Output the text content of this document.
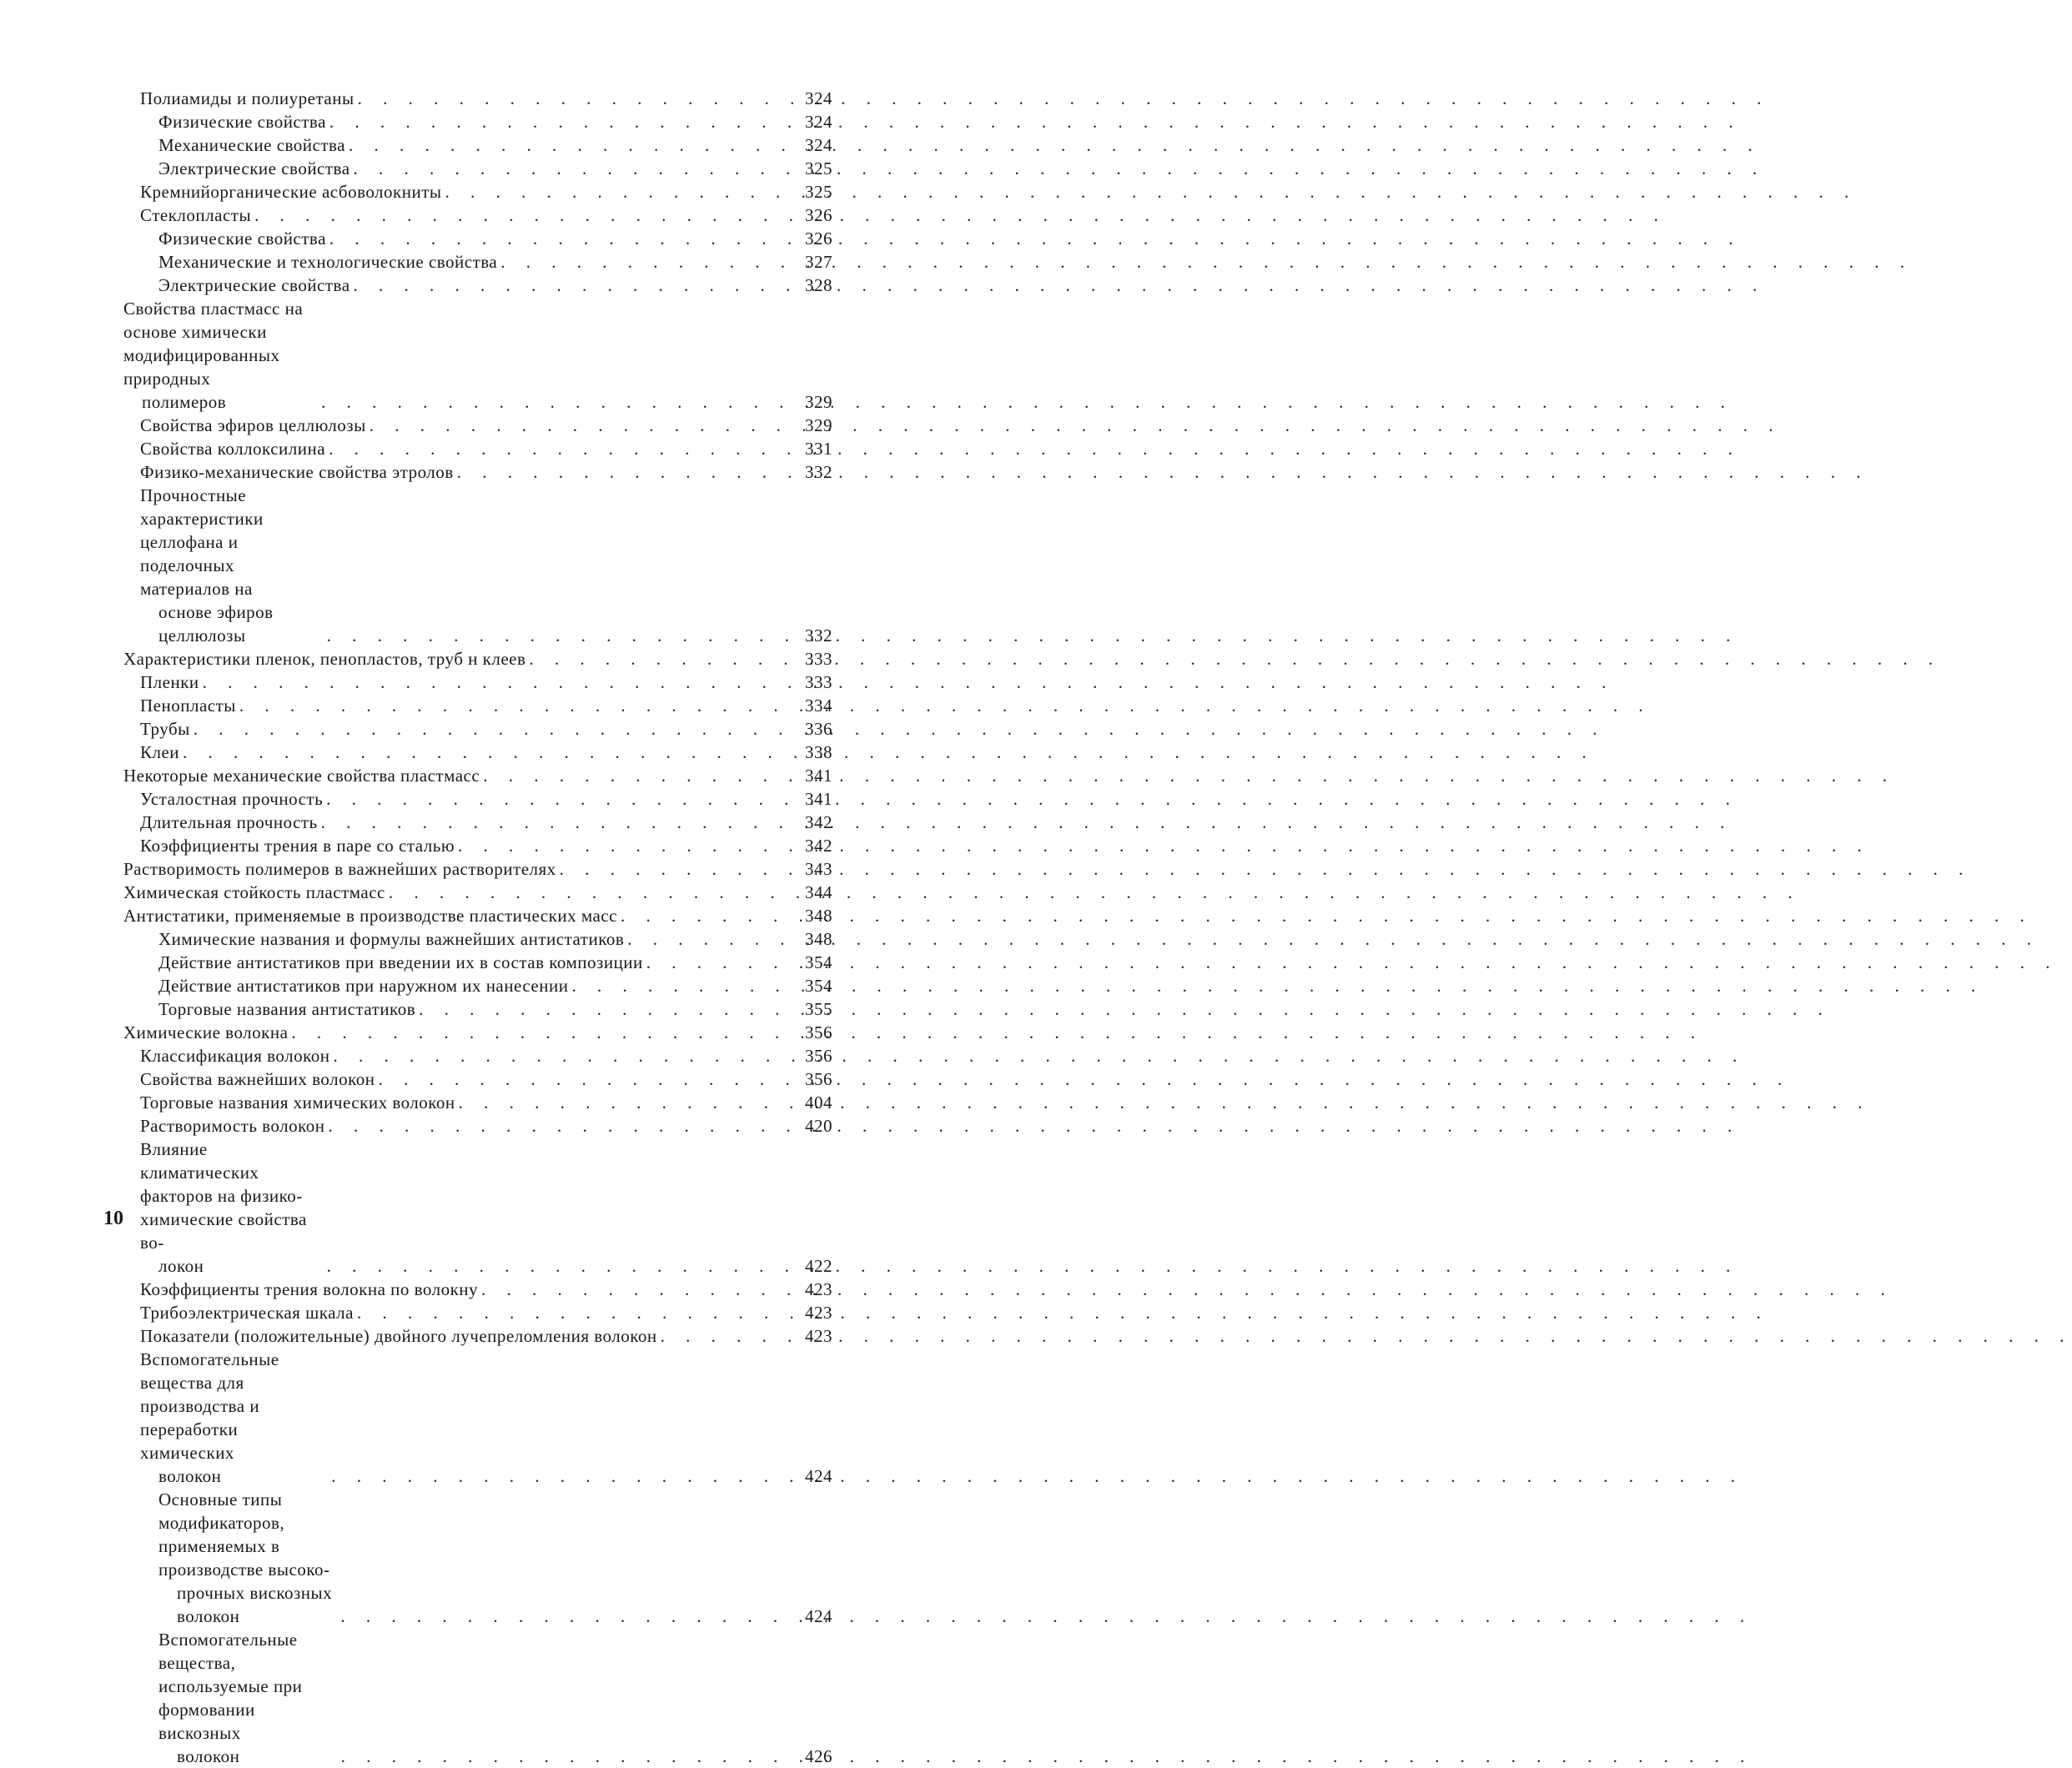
Полиамиды и полиуретаны . . .	324
Физические свойства . . .	324
Механические свойства . . .	324
Электрические свойства . . .	325
Кремнийорганические асбоволокниты . . .	325
Стеклопласты . . .	326
Физические свойства . . .	326
Механические и технологические свойства . . .	327
Электрические свойства . . .	328
Свойства пластмасс на основе химически модифицированных природных
полимеров . . .	329
Свойства эфиров целлюлозы . . .	329
Свойства коллоксилина . . .	331
Физико-механические свойства этролов . . .	332
Прочностные характеристики целлофана и поделочных материалов на
основе эфиров целлюлозы . . .	332
Характеристики пленок, пенопластов, труб н клеев . . .	333
Пленки . . .	333
Пенопласты . . .	334
Трубы . . .	336
Клеи . . .	338
Некоторые механические свойства пластмасс . . .	341
Усталостная прочность . . .	341
Длительная прочность . . .	342
Коэффициенты трения в паре со сталью . . .	342
Растворимость полимеров в важнейших растворителях . . .	343
Химическая стойкость пластмасс . . .	344
Антистатики, применяемые в производстве пластических масс . . .	348
Химические названия и формулы важнейших антистатиков . . .	348
Действие антистатиков при введении их в состав композиции . . .	354
Действие антистатиков при наружном их нанесении . . .	354
Торговые названия антистатиков . . .	355
Химические волокна . . .	356
Классификация волокон . . .	356
Свойства важнейших волокон . . .	356
Торговые названия химических волокон . . .	404
Растворимость волокон . . .	420
Влияние климатических факторов на физико-химические свойства во-
локон . . .	422
Коэффициенты трения волокна по волокну . . .	423
Трибоэлектрическая шкала . . .	423
Показатели (положительные) двойного лучепреломления волокон . . .	423
Вспомогательные вещества для производства и переработки химических
волокон . . .	424
Основные типы модификаторов, применяемых в производстве высоко-
прочных вискозных волокон . . .	424
Вспомогательные вещества, используемые при формовании вискозных
волокон . . .	426
10
